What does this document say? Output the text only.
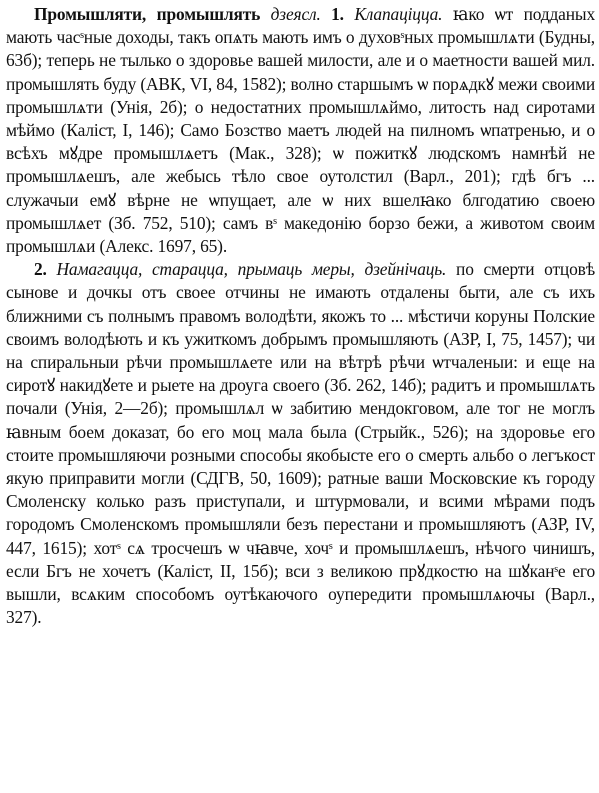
Промышляти, промышлять дзеясл. 1. Клапаціцца. ꙗко ѡт подданых мають часˢные доходы, такъ опѧть мають имъ о духовˢных промышлѧти (Будны, 63б); теперь не тылько о здоровье вашей милости, але и о маетности вашей мил. промышлять буду (АВК, VI, 84, 1582); волно старшымъ ѡ порѧдкꙋ межи своими промышлѧти (Унія, 2б); о недостатних промышлѧймо, литость над сиротами мѣймо (Каліст, I, 146); Само Бозство маетъ людей на пилномъ ѡпатренью, и о всѣхъ мꙋдре промышлѧетъ (Мак., 328); ѡ пожиткꙋ людскомъ намнѣй не промышлѧешъ, але жебысь тѣло свое оутолстил (Варл., 201); гдѣ бгъ ... служачыи емꙋ вѣрне не ѡпущает, але ѡ них вшелꙗко блгодатию своею промышлѧет (Зб. 752, 510); самъ вˢ македонію борзо бежи, а животом своим промышлѧи (Алекс. 1697, 65).

2. Намагацца, старацца, прымаць меры, дзейнічаць. по смерти отцовѣ сынове и дочкы отъ своее отчины не имають отдалены быти, але съ ихъ ближними съ полнымъ правомъ володѣти, якожъ то ... мѣстичи коруны Полские своимъ володѣють и къ ужиткомъ добрымъ промышляють (АЗР, I, 75, 1457); чи на спиральныи рѣчи промышлѧете или на вѣтрѣ рѣчи ѡтчаленыи: и еще на сиротꙋ накидꙋете и рыете на дроуга своего (Зб. 262, 14б); радитъ и промышлѧть почали (Унія, 2—2б); промышлѧл ѡ забитию мендокговом, але тог не моглъ ꙗвным боем доказат, бо его моц мала была (Стрыйк., 526); на здоровье его стоите промышляючи розными способы якобысте его о смерть альбо о легъкост якую приправити могли (СДГВ, 50, 1609); ратные ваши Московские къ городу Смоленску колько разъ приступали, и штурмовали, и всими мѣрами подъ городомъ Смоленскомъ промышляли безъ перестани и промышляютъ (АЗР, IV, 447, 1615); хотˢ сѧ тросчешъ ѡ чꙗвче, хочˢ и промышлѧешъ, нѣчого чинишъ, если Бгъ не хочетъ (Каліст, II, 15б); вси з великою прꙋдкостю на шꙋканˢе его вышли, всѧким способомъ оутѣкаючого оупередити промышлѧючы (Варл., 327).
